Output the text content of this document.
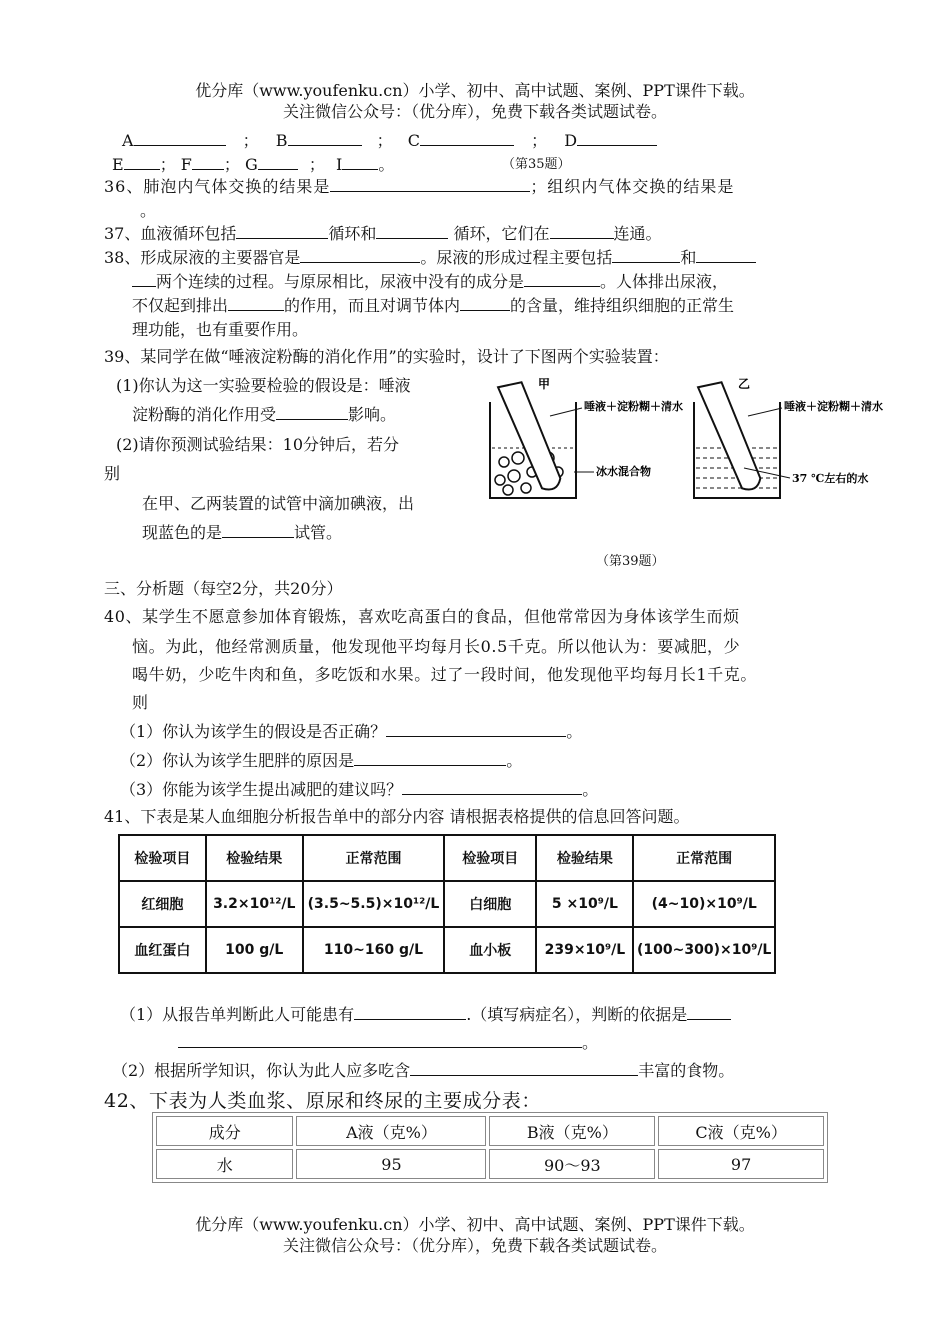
优分库（www.youfenku.cn）小学、初中、高中试题、案例、PPT课件下载。
关注微信公众号：（优分库），免费下载各类试题试卷。
A	； B	； C	； D
E ； F ； G	； I 。	（第35题）
36、肺泡内气体交换的结果是	；组织内气体交换的结果是
。
37、血液循环包括	循环和	循环，它们在	连通。
38、形成尿液的主要器官是	。尿液的形成过程主要包括	和
两个连续的过程。与原尿相比，尿液中没有的成分是	。人体排出尿液，
不仅起到排出	的作用，而且对调节体内	的含量，维持组织细胞的正常生
理功能，也有重要作用。
39、某同学在做“唾液淀粉酶的消化作用”的实验时，设计了下图两个实验装置：
(1)你认为这一实验要检验的假设是：唾液
淀粉酶的消化作用受	影响。
(2)请你预测试验结果：10分钟后，若分
别
在甲、乙两装置的试管中滴加碘液，出
现蓝色的是	试管。
甲
唾液＋淀粉糊＋清水
冰水混合物
乙
唾液＋淀粉糊＋清水
37 ℃左右的水
（第39题）
三、分析题（每空2分，共20分）
40、某学生不愿意参加体育锻炼，喜欢吃高蛋白的食品，但他常常因为身体该学生而烦
恼。为此，他经常测质量，他发现他平均每月长0.5千克。所以他认为：要减肥，少
喝牛奶，少吃牛肉和鱼，多吃饭和水果。过了一段时间，他发现他平均每月长1千克。
则
（1）你认为该学生的假设是否正确？	。
（2）你认为该学生肥胖的原因是	。
（3）你能为该学生提出减肥的建议吗？	。
41、下表是某人血细胞分析报告单中的部分内容 请根据表格提供的信息回答问题。
检验项目	检验结果	正常范围	检验项目	检验结果	正常范围
红细胞	3.2×10¹²/L	(3.5~5.5)×10¹²/L	白细胞	5 ×10⁹/L	(4~10)×10⁹/L
血红蛋白	100 g/L	110~160 g/L	血小板	239×10⁹/L	(100~300)×10⁹/L
（1）从报告单判断此人可能患有	.（填写病症名），判断的依据是
。
（2）根据所学知识，你认为此人应多吃含	丰富的食物。
42、下表为人类血浆、原尿和终尿的主要成分表：
成分	A液（克%）	B液（克%）	C液（克%）
水	95	90～93	97
优分库（www.youfenku.cn）小学、初中、高中试题、案例、PPT课件下载。
关注微信公众号：（优分库），免费下载各类试题试卷。
